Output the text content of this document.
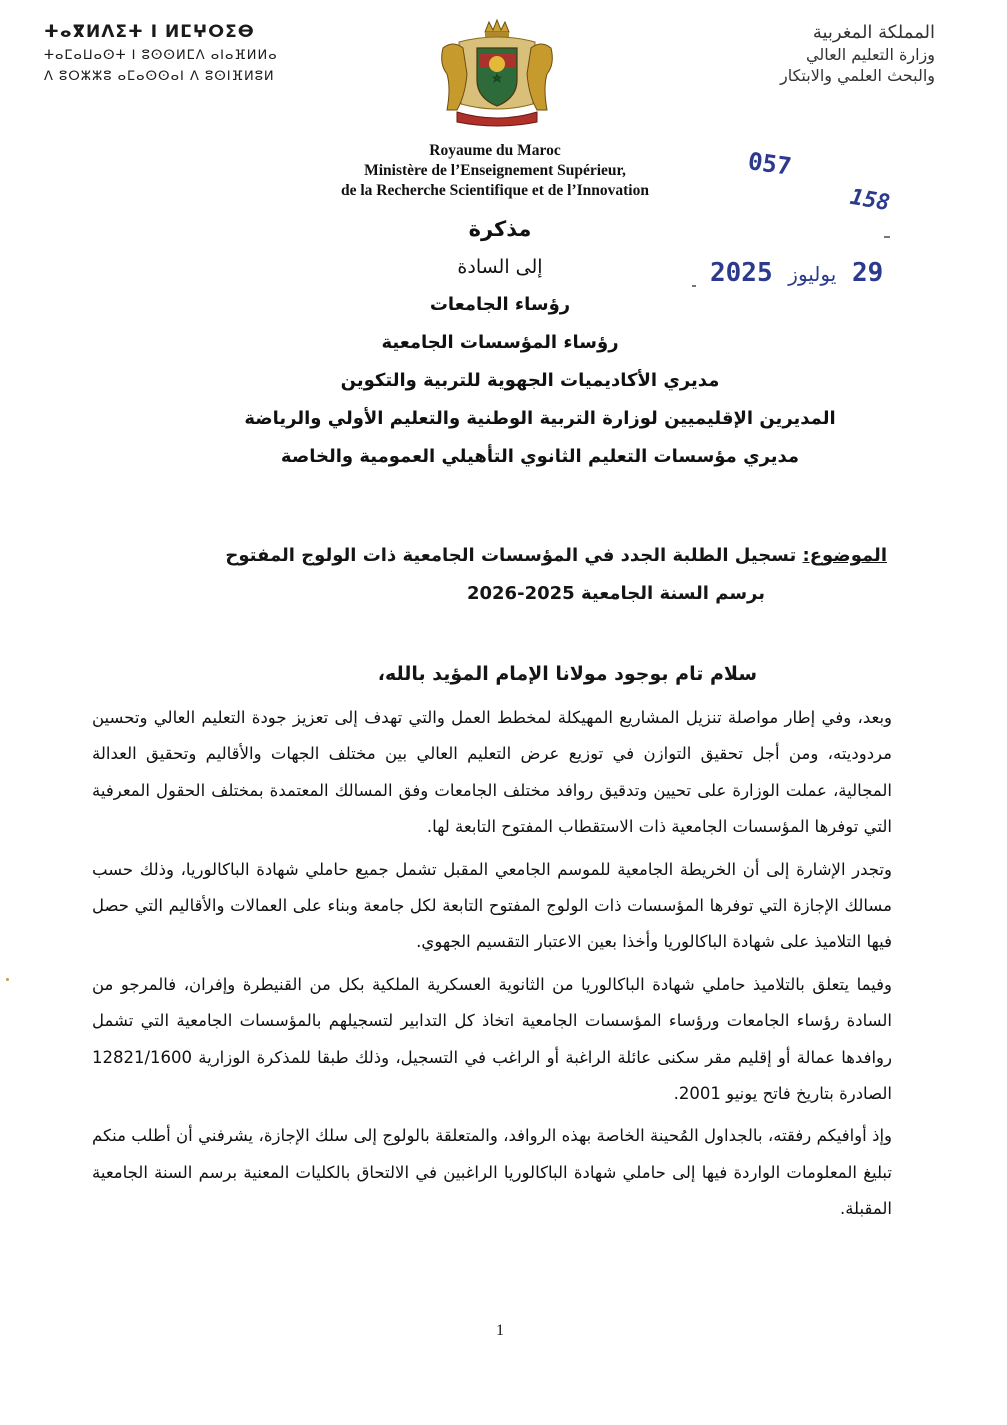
ⵜⴰⴳⵍⴷⵉⵜ ⵏ ⵍⵎⵖⵔⵉⴱ
ⵜⴰⵎⴰⵡⴰⵙⵜ ⵏ ⵓⵙⵙⵍⵎⴷ ⴰⵏⴰⴼⵍⵍⴰ
ⴷ ⵓⵔⵣⵣⵓ ⴰⵎⴰⵙⵙⴰⵏ ⴷ ⵓⵙⵏⴼⵍⵓⵍ
المملكة المغربية
وزارة التعليم العالي
والبحث العلمي والابتكار
Royaume du Maroc
Ministère de l’Enseignement Supérieur,
de la Recherche Scientifique et de l’Innovation
057
158
29 يوليوز 2025
مذكرة
إلى السادة
رؤساء الجامعات
رؤساء المؤسسات الجامعية
مديري الأكاديميات الجهوية للتربية والتكوين
المديرين الإقليميين لوزارة التربية الوطنية والتعليم الأولي والرياضة
مديري مؤسسات التعليم الثانوي التأهيلي العمومية والخاصة
الموضوع: تسجيل الطلبة الجدد في المؤسسات الجامعية ذات الولوج المفتوح
برسم السنة الجامعية 2025-2026
سلام تام بوجود مولانا الإمام المؤيد بالله،

وبعد، وفي إطار مواصلة تنزيل المشاريع المهيكلة لمخطط العمل والتي تهدف إلى تعزيز جودة التعليم العالي وتحسين مردوديته، ومن أجل تحقيق التوازن في توزيع عرض التعليم العالي بين مختلف الجهات والأقاليم وتحقيق العدالة المجالية، عملت الوزارة على تحيين وتدقيق روافد مختلف الجامعات وفق المسالك المعتمدة بمختلف الحقول المعرفية التي توفرها المؤسسات الجامعية ذات الاستقطاب المفتوح التابعة لها.

وتجدر الإشارة إلى أن الخريطة الجامعية للموسم الجامعي المقبل تشمل جميع حاملي شهادة الباكالوريا، وذلك حسب مسالك الإجازة التي توفرها المؤسسات ذات الولوج المفتوح التابعة لكل جامعة وبناء على العمالات والأقاليم التي حصل فيها التلاميذ على شهادة الباكالوريا وأخذا بعين الاعتبار التقسيم الجهوي.

وفيما يتعلق بالتلاميذ حاملي شهادة الباكالوريا من الثانوية العسكرية الملكية بكل من القنيطرة وإفران، فالمرجو من السادة رؤساء الجامعات ورؤساء المؤسسات الجامعية اتخاذ كل التدابير لتسجيلهم بالمؤسسات الجامعية التي تشمل روافدها عمالة أو إقليم مقر سكنى عائلة الراغبة أو الراغب في التسجيل، وذلك طبقا للمذكرة الوزارية 12821/1600 الصادرة بتاريخ فاتح يونيو 2001.

وإذ أوافيكم رفقته، بالجداول المُحينة الخاصة بهذه الروافد، والمتعلقة بالولوج إلى سلك الإجازة، يشرفني أن أطلب منكم تبليغ المعلومات الواردة فيها إلى حاملي شهادة الباكالوريا الراغبين في الالتحاق بالكليات المعنية برسم السنة الجامعية المقبلة.

1
